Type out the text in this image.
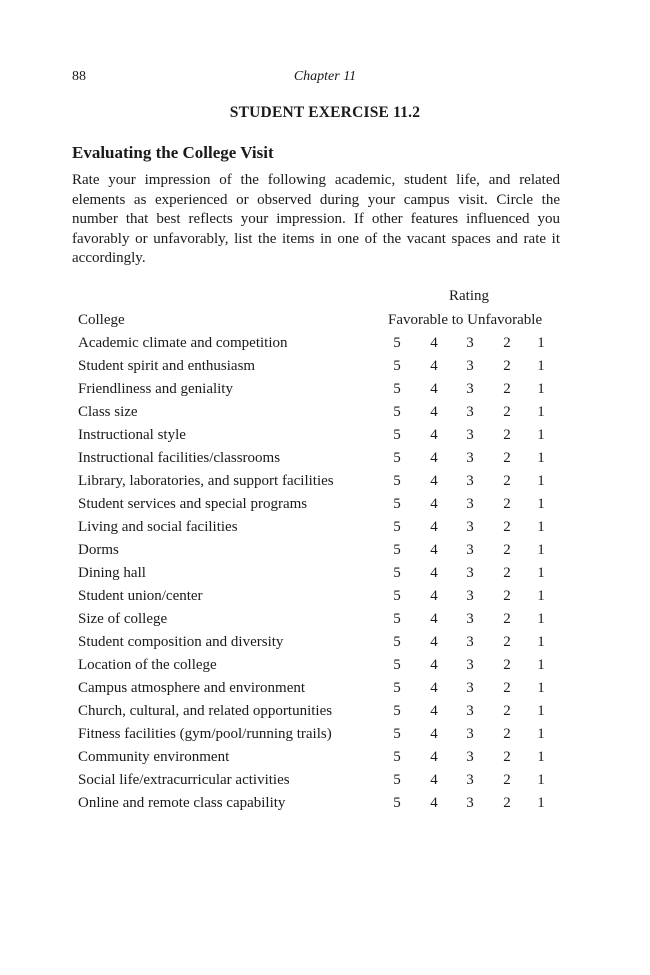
88	Chapter 11
STUDENT EXERCISE 11.2
Evaluating the College Visit

Rate your impression of the following academic, student life, and related elements as experienced or observed during your campus visit. Circle the number that best reflects your impression. If other features influenced you favorably or unfavorably, list the items in one of the vacant spaces and rate it accordingly.

Rating
College	Favorable to Unfavorable
Academic climate and competition	5 4 3 2 1
Student spirit and enthusiasm	5 4 3 2 1
Friendliness and geniality	5 4 3 2 1
Class size	5 4 3 2 1
Instructional style	5 4 3 2 1
Instructional facilities/classrooms	5 4 3 2 1
Library, laboratories, and support facilities	5 4 3 2 1
Student services and special programs	5 4 3 2 1
Living and social facilities	5 4 3 2 1
Dorms	5 4 3 2 1
Dining hall	5 4 3 2 1
Student union/center	5 4 3 2 1
Size of college	5 4 3 2 1
Student composition and diversity	5 4 3 2 1
Location of the college	5 4 3 2 1
Campus atmosphere and environment	5 4 3 2 1
Church, cultural, and related opportunities	5 4 3 2 1
Fitness facilities (gym/pool/running trails)	5 4 3 2 1
Community environment	5 4 3 2 1
Social life/extracurricular activities	5 4 3 2 1
Online and remote class capability	5 4 3 2 1
